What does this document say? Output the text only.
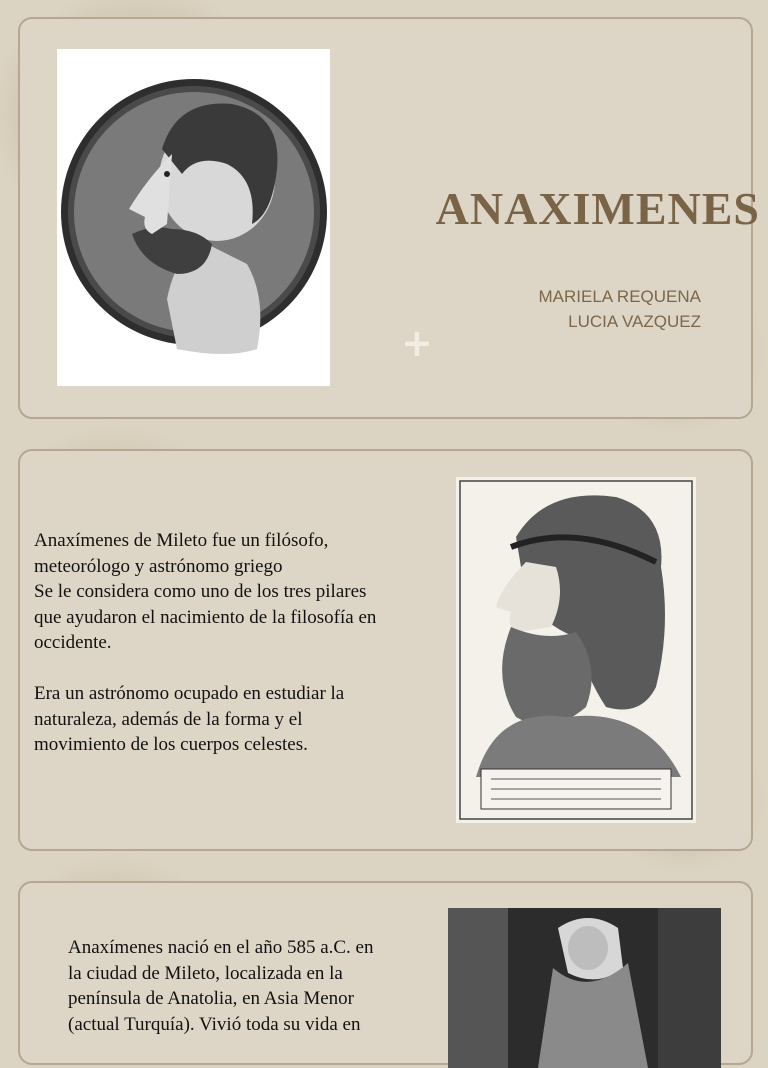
ANAXIMENES
MARIELA REQUENA
LUCIA VAZQUEZ
+

Anaxímenes de Mileto fue un filósofo,

meteorólogo y astrónomo griego

Se le considera como uno de los tres pilares

que ayudaron el nacimiento de la filosofía en

occidente.

Era un astrónomo ocupado en estudiar la

naturaleza, además de la forma y el

movimiento de los cuerpos celestes.

Anaxímenes nació en el año 585 a.C. en

la ciudad de Mileto, localizada en la

península de Anatolia, en Asia Menor

(actual Turquía). Vivió toda su vida en
